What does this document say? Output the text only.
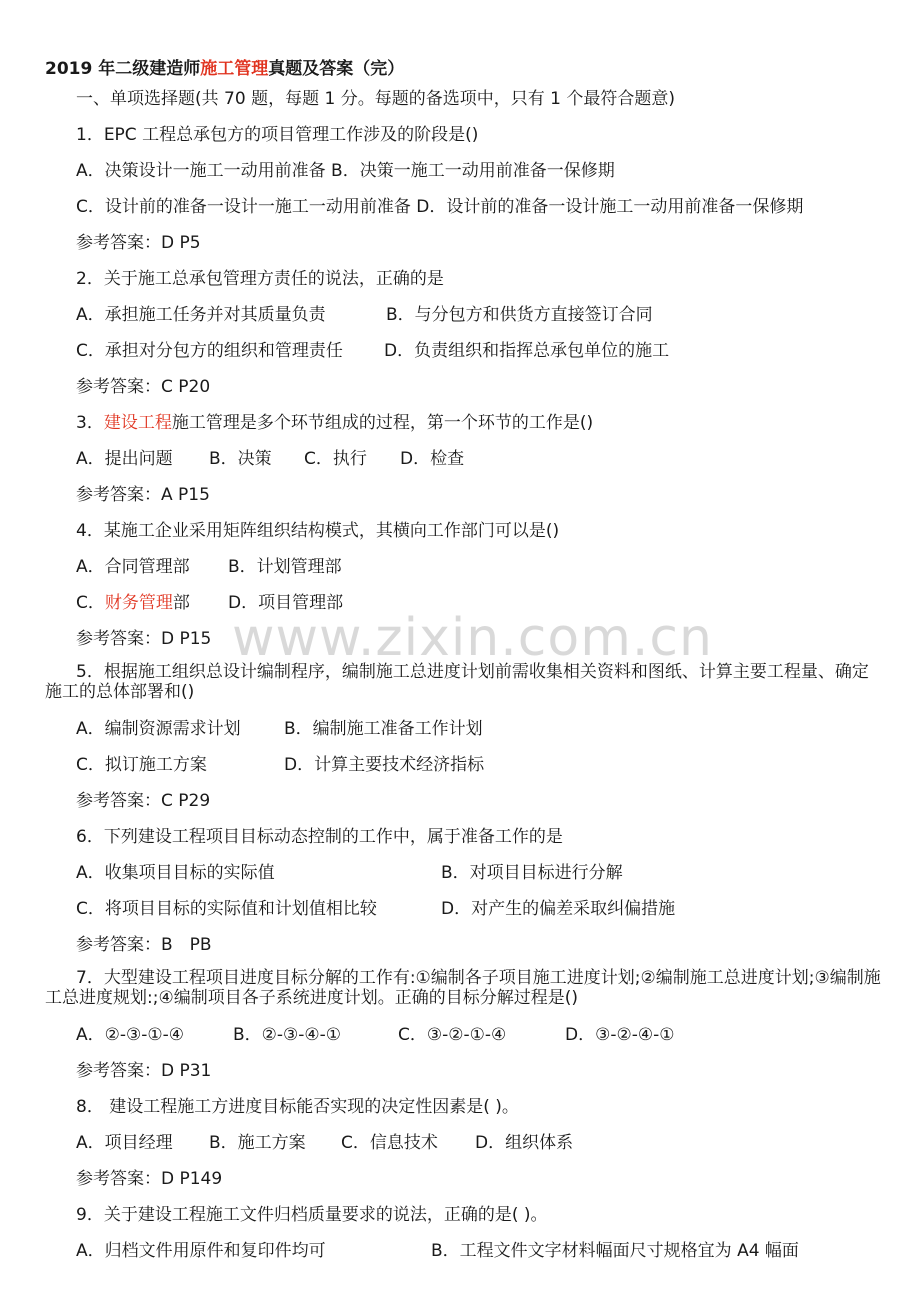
www.zixin.com.cn
2019 年二级建造师施工管理真题及答案（完）
一、单项选择题(共 70 题，每题 1 分。每题的备选项中，只有 1 个最符合题意)
1．EPC 工程总承包方的项目管理工作涉及的阶段是()
A．决策设计一施工一动用前准备 B．决策一施工一动用前准备一保修期
C．设计前的准备一设计一施工一动用前准备 D．设计前的准备一设计施工一动用前准备一保修期
参考答案：D P5
2．关于施工总承包管理方责任的说法，正确的是
A．承担施工任务并对其质量负责	B．与分包方和供货方直接签订合同
C．承担对分包方的组织和管理责任 D．负责组织和指挥总承包单位的施工
参考答案：C P20
3．建设工程施工管理是多个环节组成的过程，第一个环节的工作是()
A．提出问题 B．决策 C．执行 D．检查
参考答案：A P15
4．某施工企业采用矩阵组织结构模式，其横向工作部门可以是()
A．合同管理部 B．计划管理部
C．财务管理部 D．项目管理部
参考答案：D P15
5．根据施工组织总设计编制程序，编制施工总进度计划前需收集相关资料和图纸、计算主要工程量、确定施工的总体部署和()
A．编制资源需求计划	B．编制施工准备工作计划
C．拟订施工方案	D．计算主要技术经济指标
参考答案：C P29
6．下列建设工程项目目标动态控制的工作中，属于准备工作的是
A．收集项目目标的实际值	B．对项目目标进行分解
C．将项目目标的实际值和计划值相比较	D．对产生的偏差采取纠偏措施
参考答案：B　PB
7．大型建设工程项目进度目标分解的工作有:①编制各子项目施工进度计划;②编制施工总进度计划;③编制施工总进度规划:;④编制项目各子系统进度计划。正确的目标分解过程是()
A．②-③-①-④	B．②-③-④-①	C．③-②-①-④	D．③-②-④-①
参考答案：D P31
8． 建设工程施工方进度目标能否实现的决定性因素是( )。
A．项目经理 B．施工方案 C．信息技术 D．组织体系
参考答案：D P149
9．关于建设工程施工文件归档质量要求的说法，正确的是( )。
A．归档文件用原件和复印件均可	B．工程文件文字材料幅面尺寸规格宜为 A4 幅面
